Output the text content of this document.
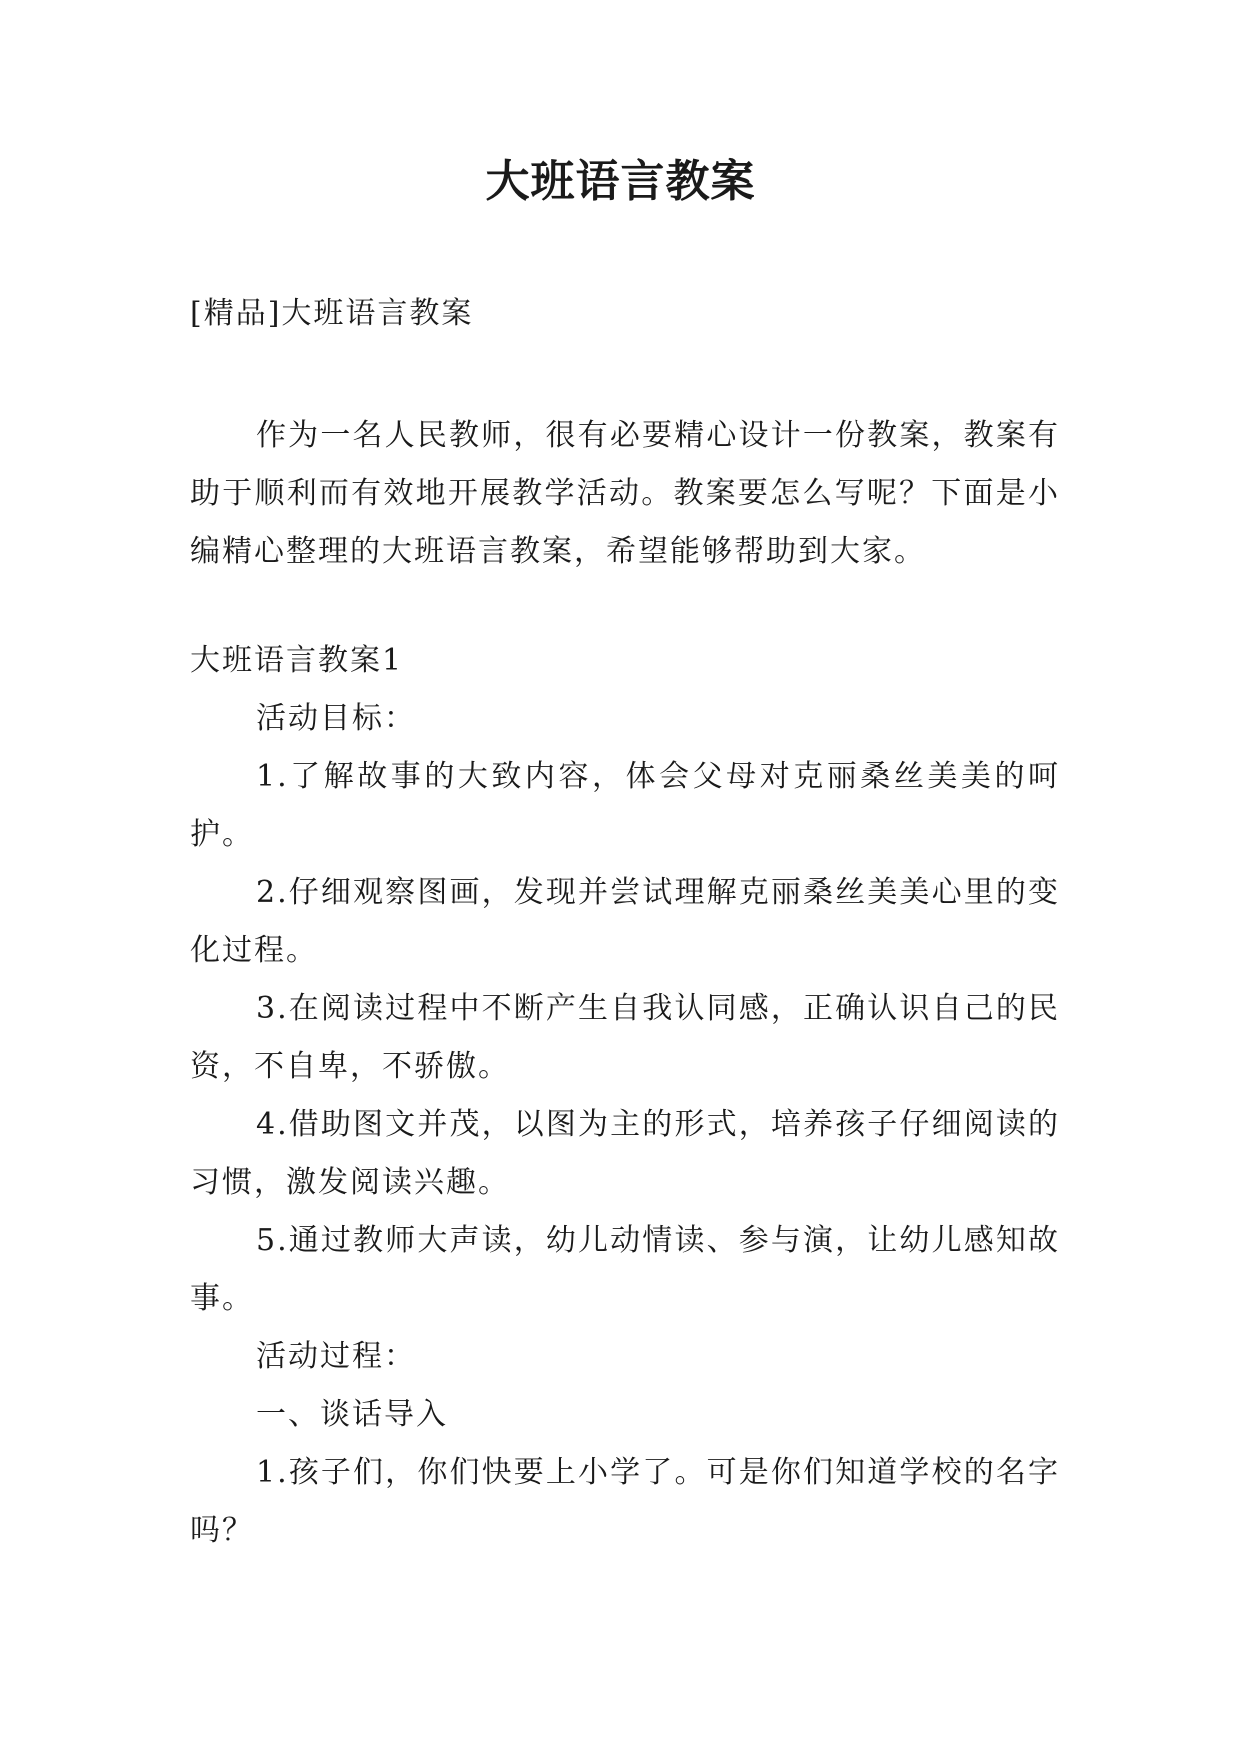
大班语言教案
[精品]大班语言教案
作为一名人民教师，很有必要精心设计一份教案，教案有助于顺利而有效地开展教学活动。教案要怎么写呢？下面是小编精心整理的大班语言教案，希望能够帮助到大家。

大班语言教案1

活动目标：

1.了解故事的大致内容，体会父母对克丽桑丝美美的呵护。

2.仔细观察图画，发现并尝试理解克丽桑丝美美心里的变化过程。

3.在阅读过程中不断产生自我认同感，正确认识自己的民资，不自卑，不骄傲。

4.借助图文并茂，以图为主的形式，培养孩子仔细阅读的习惯，激发阅读兴趣。

5.通过教师大声读，幼儿动情读、参与演，让幼儿感知故事。

活动过程：

一、谈话导入

1.孩子们，你们快要上小学了。可是你们知道学校的名字吗？
